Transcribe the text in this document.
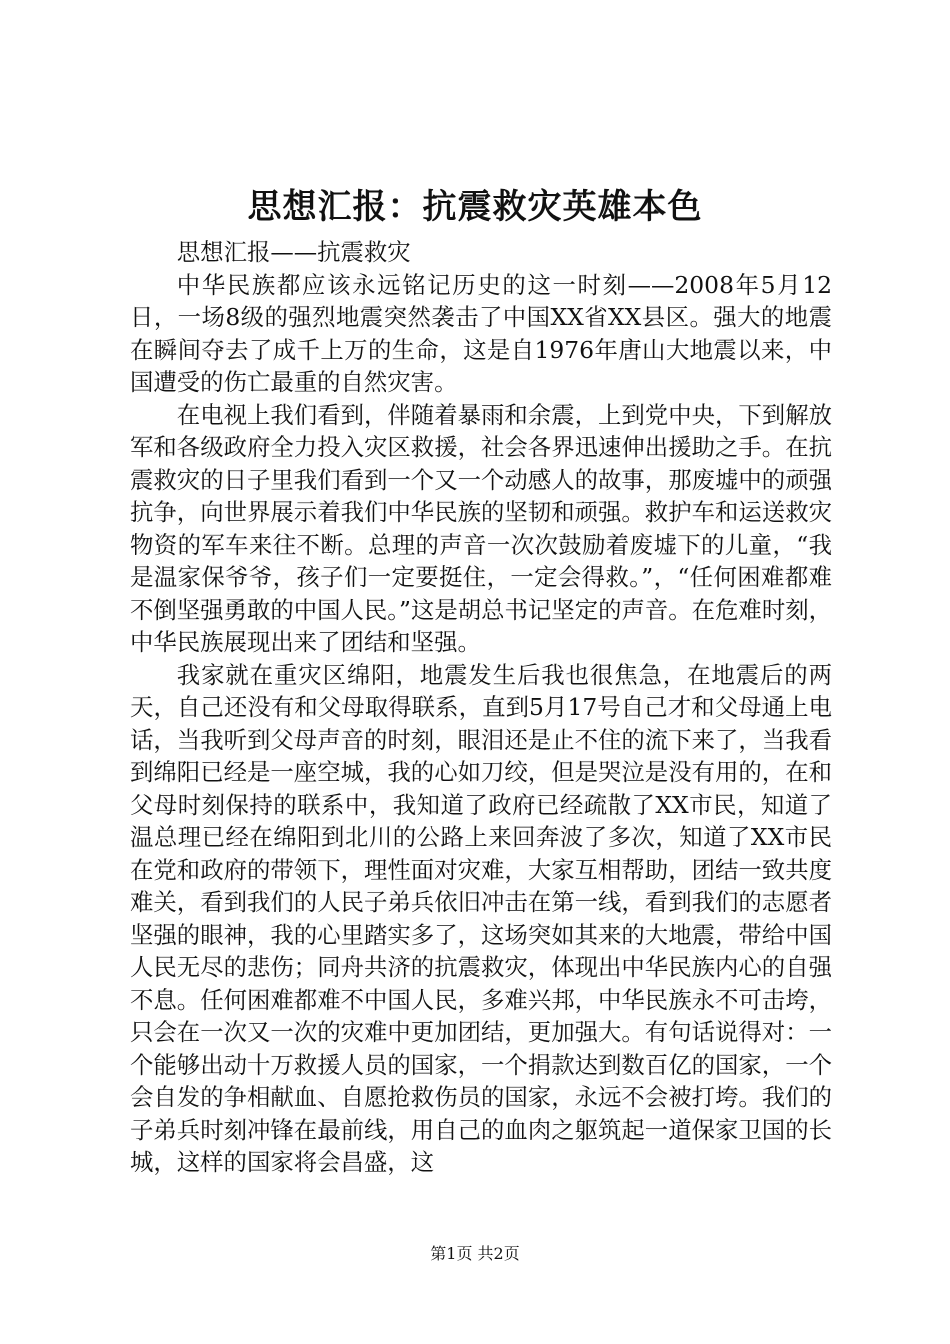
思想汇报：抗震救灾英雄本色

思想汇报——抗震救灾

中华民族都应该永远铭记历史的这一时刻——2008年5月12日，一场8级的强烈地震突然袭击了中国XX省XX县区。强大的地震在瞬间夺去了成千上万的生命，这是自1976年唐山大地震以来，中国遭受的伤亡最重的自然灾害。

在电视上我们看到，伴随着暴雨和余震，上到党中央，下到解放军和各级政府全力投入灾区救援，社会各界迅速伸出援助之手。在抗震救灾的日子里我们看到一个又一个动感人的故事，那废墟中的顽强抗争，向世界展示着我们中华民族的坚韧和顽强。救护车和运送救灾物资的军车来往不断。总理的声音一次次鼓励着废墟下的儿童，“我是温家保爷爷，孩子们一定要挺住，一定会得救。”，“任何困难都难不倒坚强勇敢的中国人民。”这是胡总书记坚定的声音。在危难时刻，中华民族展现出来了团结和坚强。

我家就在重灾区绵阳，地震发生后我也很焦急，在地震后的两天，自己还没有和父母取得联系，直到5月17号自己才和父母通上电话，当我听到父母声音的时刻，眼泪还是止不住的流下来了，当我看到绵阳已经是一座空城，我的心如刀绞，但是哭泣是没有用的，在和父母时刻保持的联系中，我知道了政府已经疏散了XX市民，知道了温总理已经在绵阳到北川的公路上来回奔波了多次，知道了XX市民在党和政府的带领下，理性面对灾难，大家互相帮助，团结一致共度难关，看到我们的人民子弟兵依旧冲击在第一线，看到我们的志愿者坚强的眼神，我的心里踏实多了，这场突如其来的大地震，带给中国人民无尽的悲伤；同舟共济的抗震救灾，体现出中华民族内心的自强不息。任何困难都难不中国人民，多难兴邦，中华民族永不可击垮，只会在一次又一次的灾难中更加团结，更加强大。有句话说得对：一个能够出动十万救援人员的国家，一个捐款达到数百亿的国家，一个会自发的争相献血、自愿抢救伤员的国家，永远不会被打垮。我们的子弟兵时刻冲锋在最前线，用自己的血肉之躯筑起一道保家卫国的长城，这样的国家将会昌盛，这

第1页 共2页
